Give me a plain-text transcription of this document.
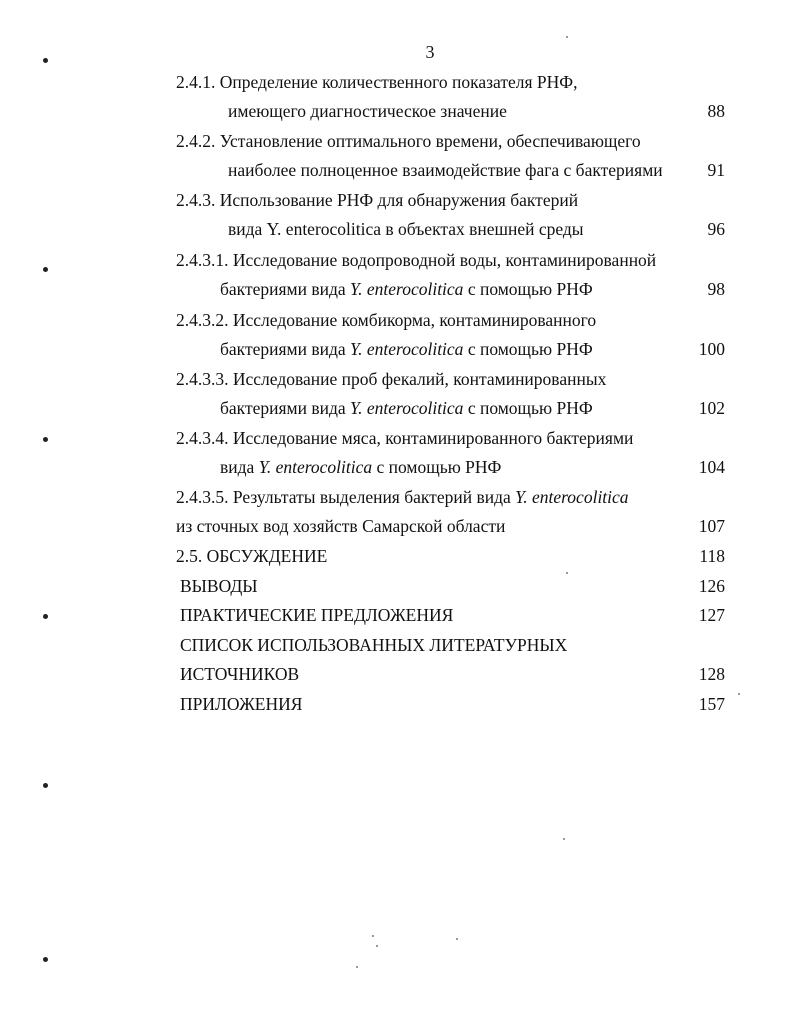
3
2.4.1. Определение количественного показателя РНФ,
имеющего диагностическое значение	88
2.4.2. Установление оптимального времени, обеспечивающего
наиболее полноценное взаимодействие фага с бактериями	91
2.4.3. Использование РНФ для обнаружения бактерий
вида Y. enterocolitica в объектах внешней среды	96
2.4.3.1. Исследование водопроводной воды, контаминированной
бактериями вида Y. enterocolitica с помощью РНФ	98
2.4.3.2. Исследование комбикорма, контаминированного
бактериями вида Y. enterocolitica с помощью РНФ	100
2.4.3.3. Исследование проб фекалий, контаминированных
бактериями вида Y. enterocolitica с помощью РНФ	102
2.4.3.4. Исследование мяса, контаминированного бактериями
вида Y. enterocolitica с помощью РНФ	104
2.4.3.5. Результаты выделения бактерий вида Y. enterocolitica
из сточных вод хозяйств Самарской области	107
2.5. ОБСУЖДЕНИЕ	118
ВЫВОДЫ	126
ПРАКТИЧЕСКИЕ ПРЕДЛОЖЕНИЯ	127
СПИСОК ИСПОЛЬЗОВАННЫХ ЛИТЕРАТУРНЫХ
ИСТОЧНИКОВ	128
ПРИЛОЖЕНИЯ	157
